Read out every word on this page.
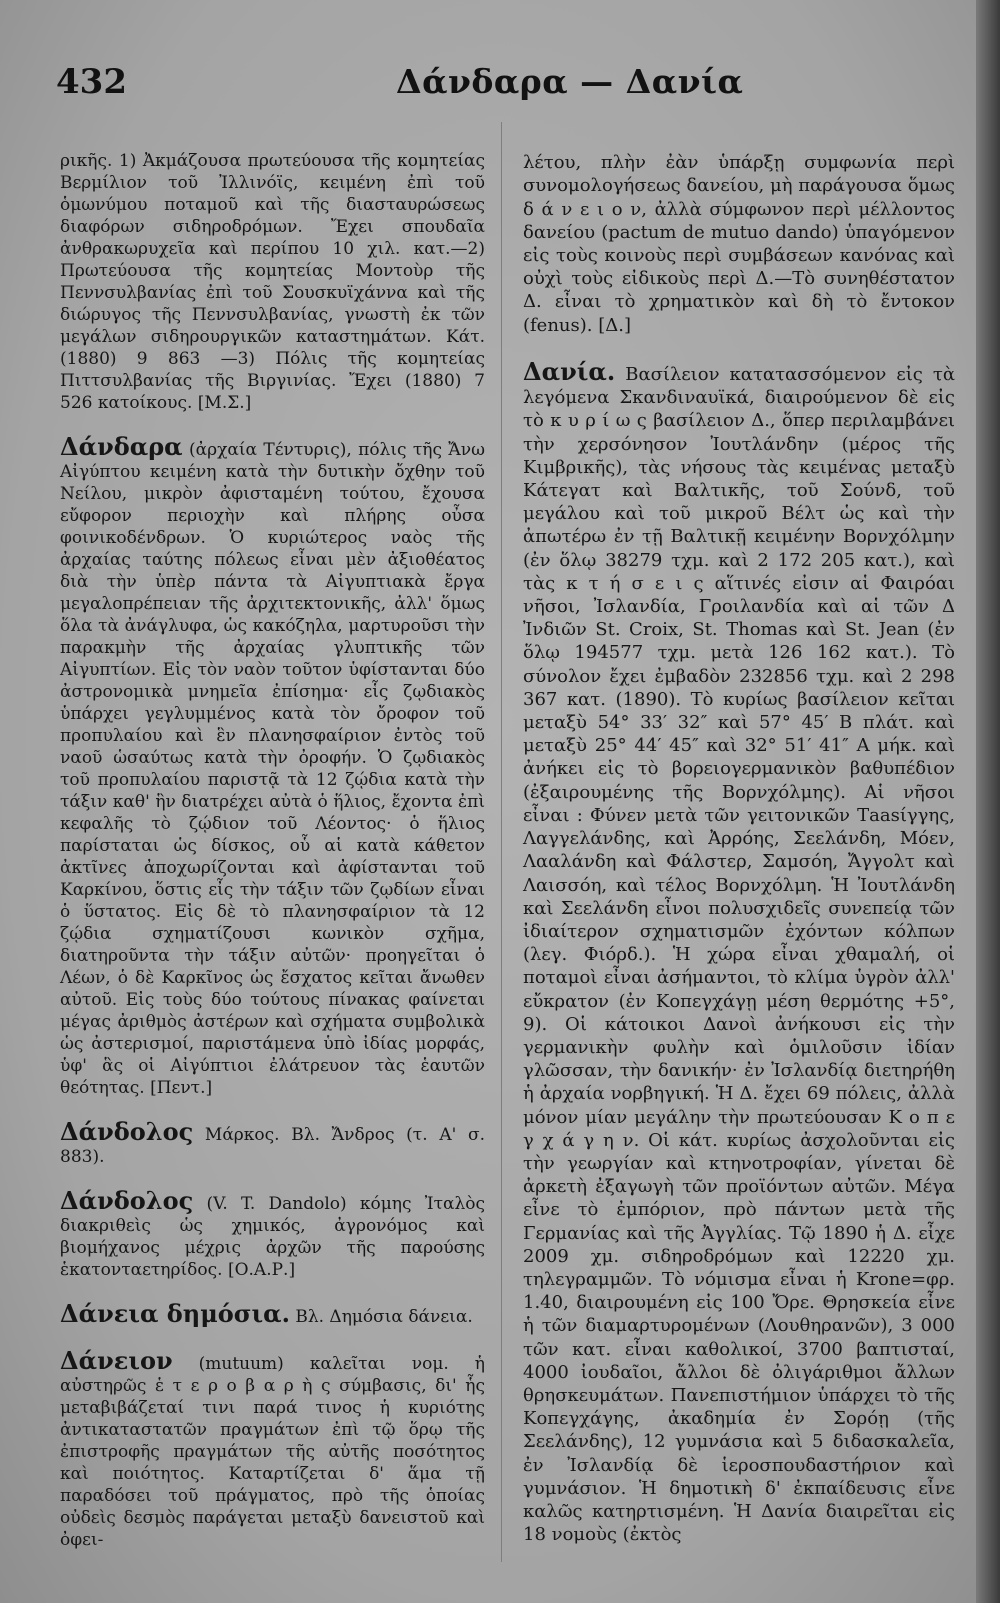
432	Δάνδαρα — Δανία

ρικῆς. 1) Ἀκμάζουσα πρωτεύουσα τῆς κομητείας Βερμίλιον τοῦ Ἰλλινόϊς, κειμένη ἐπὶ τοῦ ὁμωνύμου ποταμοῦ καὶ τῆς διασταυρώσεως διαφόρων σιδηροδρόμων. Ἔχει σπουδαῖα ἀνθρακωρυχεῖα καὶ περίπου 10 χιλ. κατ.—2) Πρωτεύουσα τῆς κομητείας Μοντοὺρ τῆς Πεννσυλβανίας ἐπὶ τοῦ Σουσκυϊχάννα καὶ τῆς διώρυγος τῆς Πεννσυλβανίας, γνωστὴ ἐκ τῶν μεγάλων σιδηρουργικῶν καταστημάτων. Κάτ. (1880) 9 863 —3) Πόλις τῆς κομητείας Πιττσυλβανίας τῆς Βιργινίας. Ἔχει (1880) 7 526 κατοίκους. [Μ.Σ.]

Δάνδαρα (ἀρχαία Τέντυρις), πόλις τῆς Ἄνω Αἰγύπτου κειμένη κατὰ τὴν δυτικὴν ὄχθην τοῦ Νείλου, μικρὸν ἀφισταμένη τούτου, ἔχουσα εὔφορον περιοχὴν καὶ πλήρης οὖσα φοινικοδένδρων. Ὁ κυριώτερος ναὸς τῆς ἀρχαίας ταύτης πόλεως εἶναι μὲν ἀξιοθέατος διὰ τὴν ὑπὲρ πάντα τὰ Αἰγυπτιακὰ ἔργα μεγαλοπρέπειαν τῆς ἀρχιτεκτονικῆς, ἀλλ' ὅμως ὅλα τὰ ἀνάγλυφα, ὡς κακόζηλα, μαρτυροῦσι τὴν παρακμὴν τῆς ἀρχαίας γλυπτικῆς τῶν Αἰγυπτίων. Εἰς τὸν ναὸν τοῦτον ὑφίστανται δύο ἀστρονομικὰ μνημεῖα ἐπίσημα· εἷς ζῳδιακὸς ὑπάρχει γεγλυμμένος κατὰ τὸν ὄροφον τοῦ προπυλαίου καὶ ἓν πλανησφαίριον ἐντὸς τοῦ ναοῦ ὡσαύτως κατὰ τὴν ὀροφήν. Ὁ ζῳδιακὸς τοῦ προπυλαίου παριστᾷ τὰ 12 ζῴδια κατὰ τὴν τάξιν καθ' ἣν διατρέχει αὐτὰ ὁ ἥλιος, ἔχοντα ἐπὶ κεφαλῆς τὸ ζῴδιον τοῦ Λέοντος· ὁ ἥλιος παρίσταται ὡς δίσκος, οὗ αἱ κατὰ κάθετον ἀκτῖνες ἀποχωρίζονται καὶ ἀφίστανται τοῦ Καρκίνου, ὅστις εἶς τὴν τάξιν τῶν ζῳδίων εἶναι ὁ ὕστατος. Εἰς δὲ τὸ πλανησφαίριον τὰ 12 ζῴδια σχηματίζουσι κωνικὸν σχῆμα, διατηροῦντα τὴν τάξιν αὐτῶν· προηγεῖται ὁ Λέων, ὁ δὲ Καρκῖνος ὡς ἔσχατος κεῖται ἄνωθεν αὐτοῦ. Εἰς τοὺς δύο τούτους πίνακας φαίνεται μέγας ἀριθμὸς ἀστέρων καὶ σχήματα συμβολικὰ ὡς ἀστερισμοί, παριστάμενα ὑπὸ ἰδίας μορφάς, ὑφ' ἃς οἱ Αἰγύπτιοι ἐλάτρευον τὰς ἑαυτῶν θεότητας. [Πεντ.]

Δάνδολος Μάρκος. Βλ. Ἄνδρος (τ. Α' σ. 883).

Δάνδολος (V. T. Dandolo) κόμης Ἰταλὸς διακριθεὶς ὡς χημικός, ἀγρονόμος καὶ βιομήχανος μέχρις ἀρχῶν τῆς παρούσης ἑκατονταετηρίδος. [Ο.Α.Ρ.]

Δάνεια δημόσια. Βλ. Δημόσια δάνεια.

Δάνειον (mutuum) καλεῖται νομ. ἡ αὐστηρῶς ἑ τ ε ρ ο β α ρ ὴ ς σύμβασις, δι' ἧς μεταβιβάζεταί τινι παρά τινος ἡ κυριότης ἀντικαταστατῶν πραγμάτων ἐπὶ τῷ ὅρῳ τῆς ἐπιστροφῆς πραγμάτων τῆς αὐτῆς ποσότητος καὶ ποιότητος. Καταρτίζεται δ' ἅμα τῇ παραδόσει τοῦ πράγματος, πρὸ τῆς ὁποίας οὐδεὶς δεσμὸς παράγεται μεταξὺ δανειστοῦ καὶ ὀφει-

λέτου, πλὴν ἐὰν ὑπάρξῃ συμφωνία περὶ συνομολογήσεως δανείου, μὴ παράγουσα ὅμως δ ά ν ε ι ο ν, ἀλλὰ σύμφωνον περὶ μέλλοντος δανείου (pactum de mutuo dando) ὑπαγόμενον εἰς τοὺς κοινοὺς περὶ συμβάσεων κανόνας καὶ οὐχὶ τοὺς εἰδικοὺς περὶ Δ.—Τὸ συνηθέστατον Δ. εἶναι τὸ χρηματικὸν καὶ δὴ τὸ ἔντοκον (fenus). [Δ.]

Δανία. Βασίλειον κατατασσόμενον εἰς τὰ λεγόμενα Σκανδιναυϊκά, διαιρούμενον δὲ εἰς τὸ κ υ ρ ί ω ς βασίλειον Δ., ὅπερ περιλαμβάνει τὴν χερσόνησον Ἰουτλάνδην (μέρος τῆς Κιμβρικῆς), τὰς νήσους τὰς κειμένας μεταξὺ Κάτεγατ καὶ Βαλτικῆς, τοῦ Σούνδ, τοῦ μεγάλου καὶ τοῦ μικροῦ Βέλτ ὡς καὶ τὴν ἀπωτέρω ἐν τῇ Βαλτικῇ κειμένην Βορνχόλμην (ἐν ὅλῳ 38279 τχμ. καὶ 2 172 205 κατ.), καὶ τὰς κ τ ή σ ε ι ς αἵτινές εἰσιν αἱ Φαιρόαι νῆσοι, Ἰσλανδία, Γροιλανδία καὶ αἱ τῶν Δ Ἰνδιῶν St. Croix, St. Thomas καὶ St. Jean (ἐν ὅλῳ 194577 τχμ. μετὰ 126 162 κατ.). Τὸ σύνολον ἔχει ἐμβαδὸν 232856 τχμ. καὶ 2 298 367 κατ. (1890). Τὸ κυρίως βασίλειον κεῖται μεταξὺ 54° 33′ 32″ καὶ 57° 45′ Β πλάτ. καὶ μεταξὺ 25° 44′ 45″ καὶ 32° 51′ 41″ Α μήκ. καὶ ἀνήκει εἰς τὸ βορειογερμανικὸν βαθυπέδιον (ἐξαιρουμένης τῆς Βορνχόλμης). Αἱ νῆσοι εἶναι : Φύνεν μετὰ τῶν γειτονικῶν Τaasίγγης, Λαγγελάνδης, καὶ Ἀρρόης, Σεελάνδη, Μόεν, Λααλάνδη καὶ Φάλστερ, Σαμσόη, Ἄγγολτ καὶ Λαισσόη, καὶ τέλος Βορνχόλμη. Ἡ Ἰουτλάνδη καὶ Σεελάνδη εἶνοι πολυσχιδεῖς συνεπείᾳ τῶν ἰδιαίτερον σχηματισμῶν ἐχόντων κόλπων (λεγ. Φιόρδ.). Ἡ χώρα εἶναι χθαμαλή, οἱ ποταμοὶ εἶναι ἀσήμαντοι, τὸ κλίμα ὑγρὸν ἀλλ' εὔκρατον (ἐν Κοπεγχάγῃ μέση θερμότης +5°, 9). Οἱ κάτοικοι Δανοὶ ἀνήκουσι εἰς τὴν γερμανικὴν φυλὴν καὶ ὁμιλοῦσιν ἰδίαν γλῶσσαν, τὴν δανικήν· ἐν Ἰσλανδίᾳ διετηρήθη ἡ ἀρχαία νορβηγική. Ἡ Δ. ἔχει 69 πόλεις, ἀλλὰ μόνον μίαν μεγάλην τὴν πρωτεύουσαν Κ ο π ε γ χ ά γ η ν. Οἱ κάτ. κυρίως ἀσχολοῦνται εἰς τὴν γεωργίαν καὶ κτηνοτροφίαν, γίνεται δὲ ἀρκετὴ ἐξαγωγὴ τῶν προϊόντων αὐτῶν. Μέγα εἶνε τὸ ἐμπόριον, πρὸ πάντων μετὰ τῆς Γερμανίας καὶ τῆς Ἀγγλίας. Τῷ 1890 ἡ Δ. εἶχε 2009 χμ. σιδηροδρόμων καὶ 12220 χμ. τηλεγραμμῶν. Τὸ νόμισμα εἶναι ἡ Krone=φρ. 1.40, διαιρουμένη εἰς 100 Ὄρε. Θρησκεία εἶνε ἡ τῶν διαμαρτυρομένων (Λουθηρανῶν), 3 000 τῶν κατ. εἶναι καθολικοί, 3700 βαπτισταί, 4000 ἰουδαῖοι, ἄλλοι δὲ ὀλιγάριθμοι ἄλλων θρησκευμάτων. Πανεπιστήμιον ὑπάρχει τὸ τῆς Κοπεγχάγης, ἀκαδημία ἐν Σορόῃ (τῆς Σεελάνδης), 12 γυμνάσια καὶ 5 διδασκαλεῖα, ἐν Ἰσλανδίᾳ δὲ ἱεροσπουδαστήριον καὶ γυμνάσιον. Ἡ δημοτικὴ δ' ἐκπαίδευσις εἶνε καλῶς κατηρτισμένη. Ἡ Δανία διαιρεῖται εἰς 18 νομοὺς (ἐκτὸς
